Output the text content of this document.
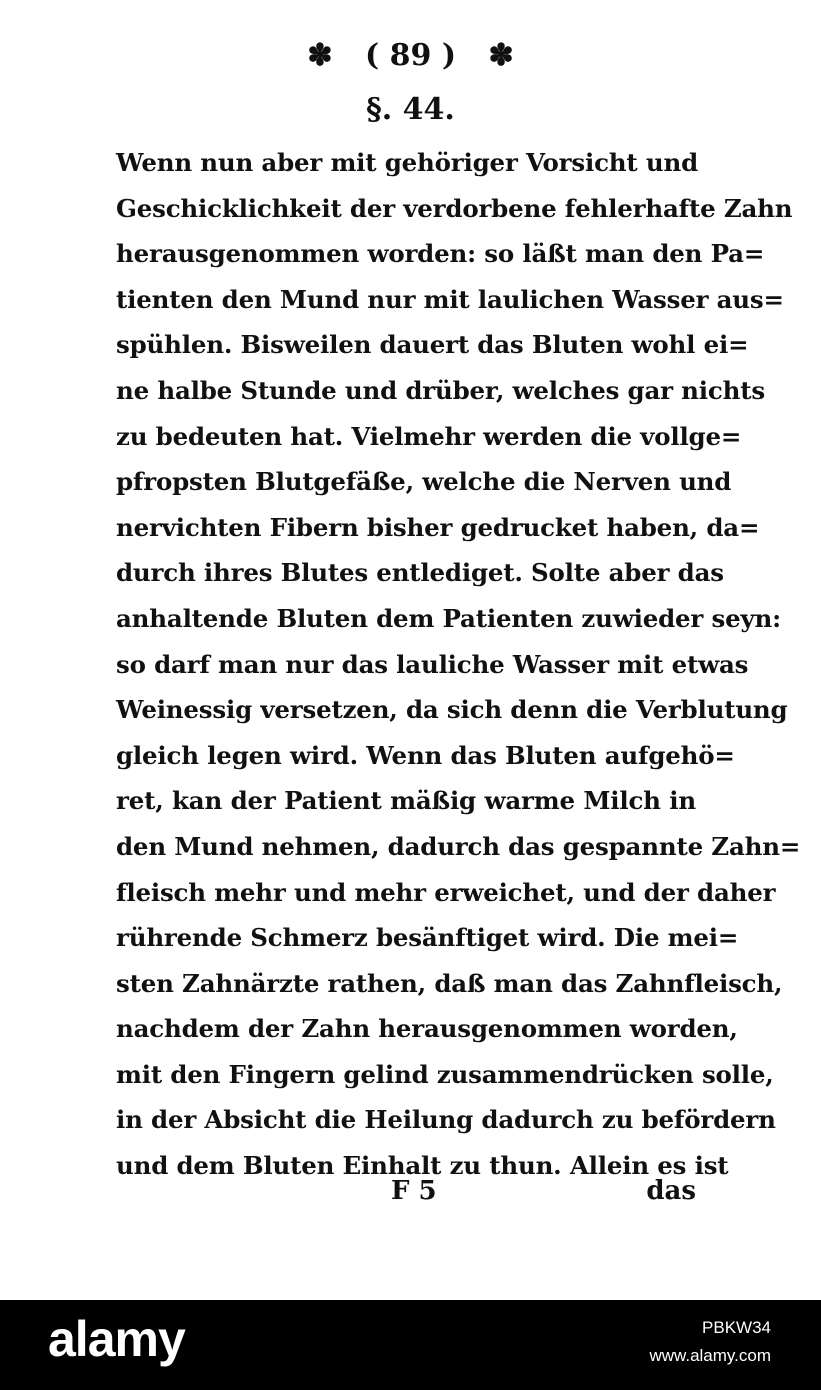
✽ ( 89 ) ✽
§. 44.
Wenn nun aber mit gehöriger Vorsicht und
Geschicklichkeit der verdorbene fehlerhafte Zahn
herausgenommen worden: so läßt man den Pa=
tienten den Mund nur mit laulichen Wasser aus=
spühlen. Bisweilen dauert das Bluten wohl ei=
ne halbe Stunde und drüber, welches gar nichts
zu bedeuten hat. Vielmehr werden die vollge=
pfropsten Blutgefäße, welche die Nerven und
nervichten Fibern bisher gedrucket haben, da=
durch ihres Blutes entlediget. Solte aber das
anhaltende Bluten dem Patienten zuwieder seyn:
so darf man nur das lauliche Wasser mit etwas
Weinessig versetzen, da sich denn die Verblutung
gleich legen wird. Wenn das Bluten aufgehö=
ret, kan der Patient mäßig warme Milch in
den Mund nehmen, dadurch das gespannte Zahn=
fleisch mehr und mehr erweichet, und der daher
rührende Schmerz besänftiget wird. Die mei=
sten Zahnärzte rathen, daß man das Zahnfleisch,
nachdem der Zahn herausgenommen worden,
mit den Fingern gelind zusammendrücken solle,
in der Absicht die Heilung dadurch zu befördern
und dem Bluten Einhalt zu thun. Allein es ist
F 5	das
alamy	PBKW34
www.alamy.com
